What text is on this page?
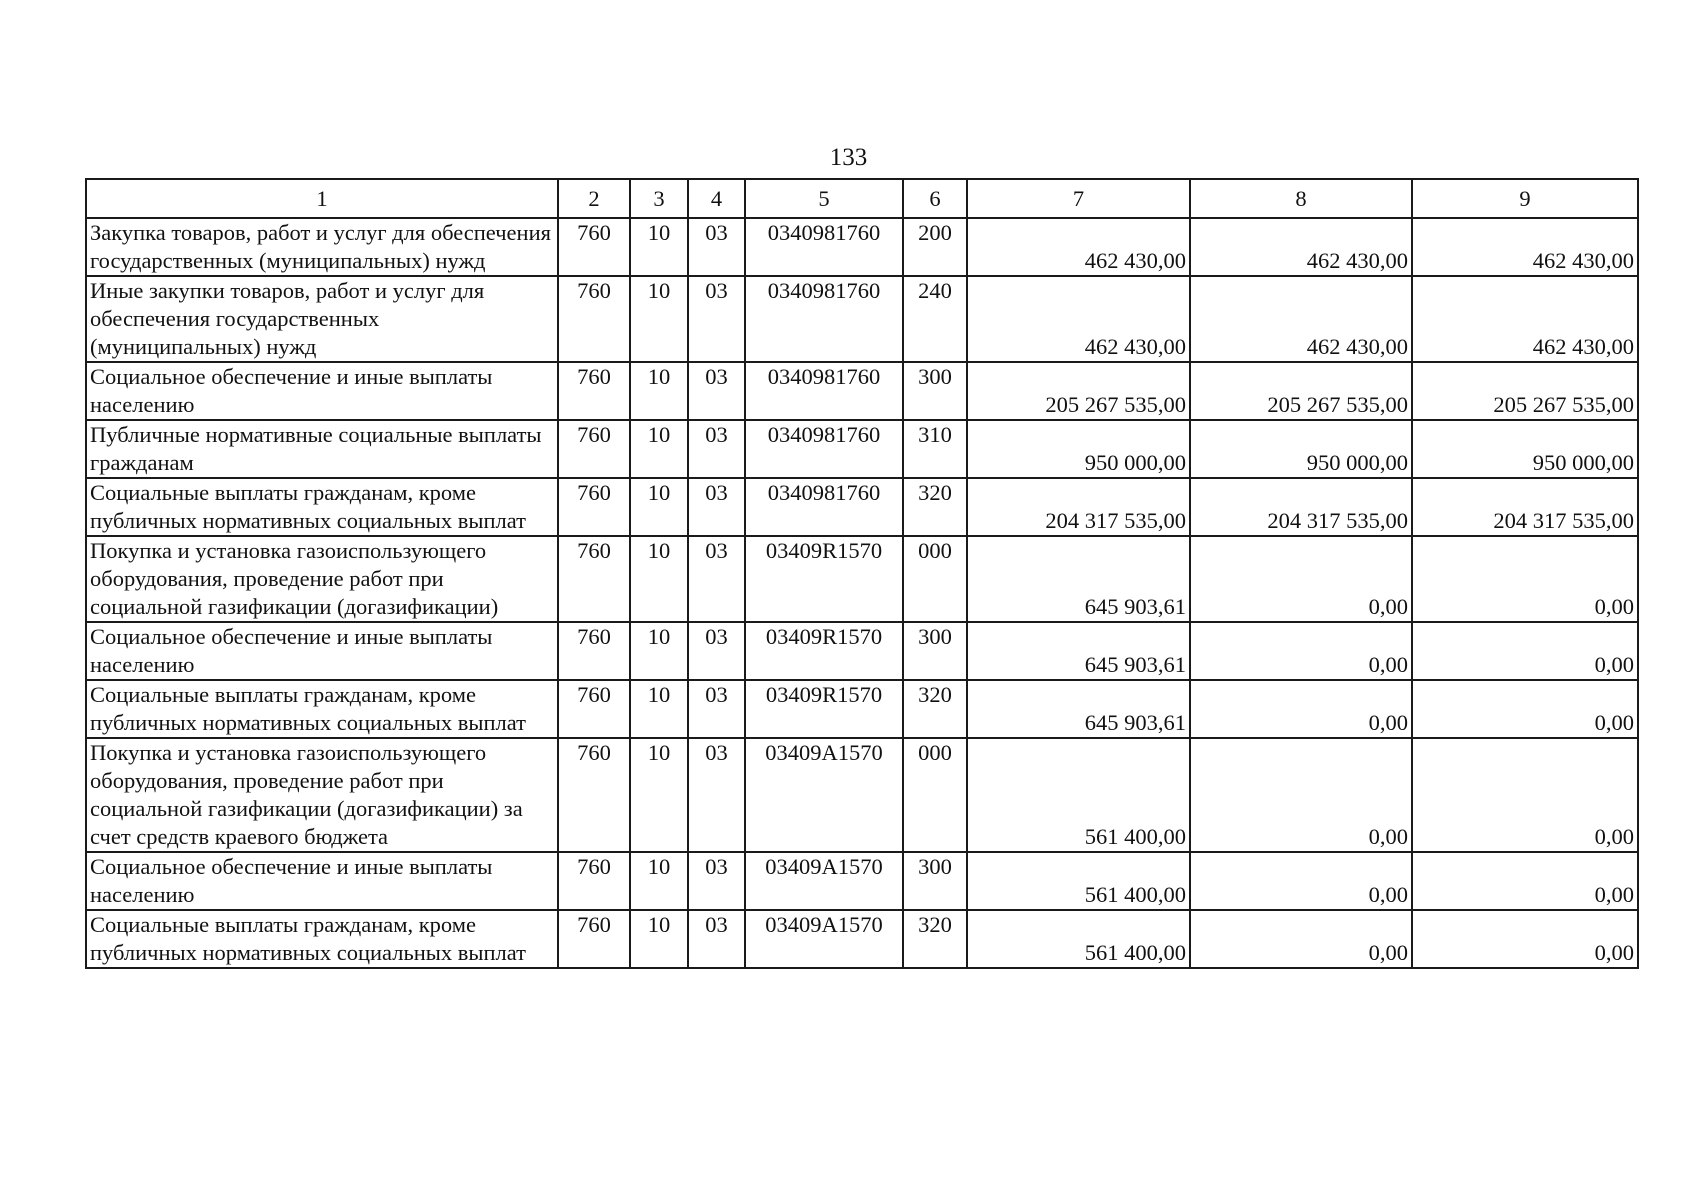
133
1	2	3	4	5	6	7	8	9
Закупка товаров, работ и услуг для обеспечения государственных (муниципальных) нужд	760	10	03	0340981760	200	462 430,00	462 430,00	462 430,00
Иные закупки товаров, работ и услуг для обеспечения государственных (муниципальных) нужд	760	10	03	0340981760	240	462 430,00	462 430,00	462 430,00
Социальное обеспечение и иные выплаты населению	760	10	03	0340981760	300	205 267 535,00	205 267 535,00	205 267 535,00
Публичные нормативные социальные выплаты гражданам	760	10	03	0340981760	310	950 000,00	950 000,00	950 000,00
Социальные выплаты гражданам, кроме публичных нормативных социальных выплат	760	10	03	0340981760	320	204 317 535,00	204 317 535,00	204 317 535,00
Покупка и установка газоиспользующего оборудования, проведение работ при социальной газификации (догазификации)	760	10	03	03409R1570	000	645 903,61	0,00	0,00
Социальное обеспечение и иные выплаты населению	760	10	03	03409R1570	300	645 903,61	0,00	0,00
Социальные выплаты гражданам, кроме публичных нормативных социальных выплат	760	10	03	03409R1570	320	645 903,61	0,00	0,00
Покупка и установка газоиспользующего оборудования, проведение работ при социальной газификации (догазификации) за счет средств краевого бюджета	760	10	03	03409A1570	000	561 400,00	0,00	0,00
Социальное обеспечение и иные выплаты населению	760	10	03	03409A1570	300	561 400,00	0,00	0,00
Социальные выплаты гражданам, кроме публичных нормативных социальных выплат	760	10	03	03409A1570	320	561 400,00	0,00	0,00
